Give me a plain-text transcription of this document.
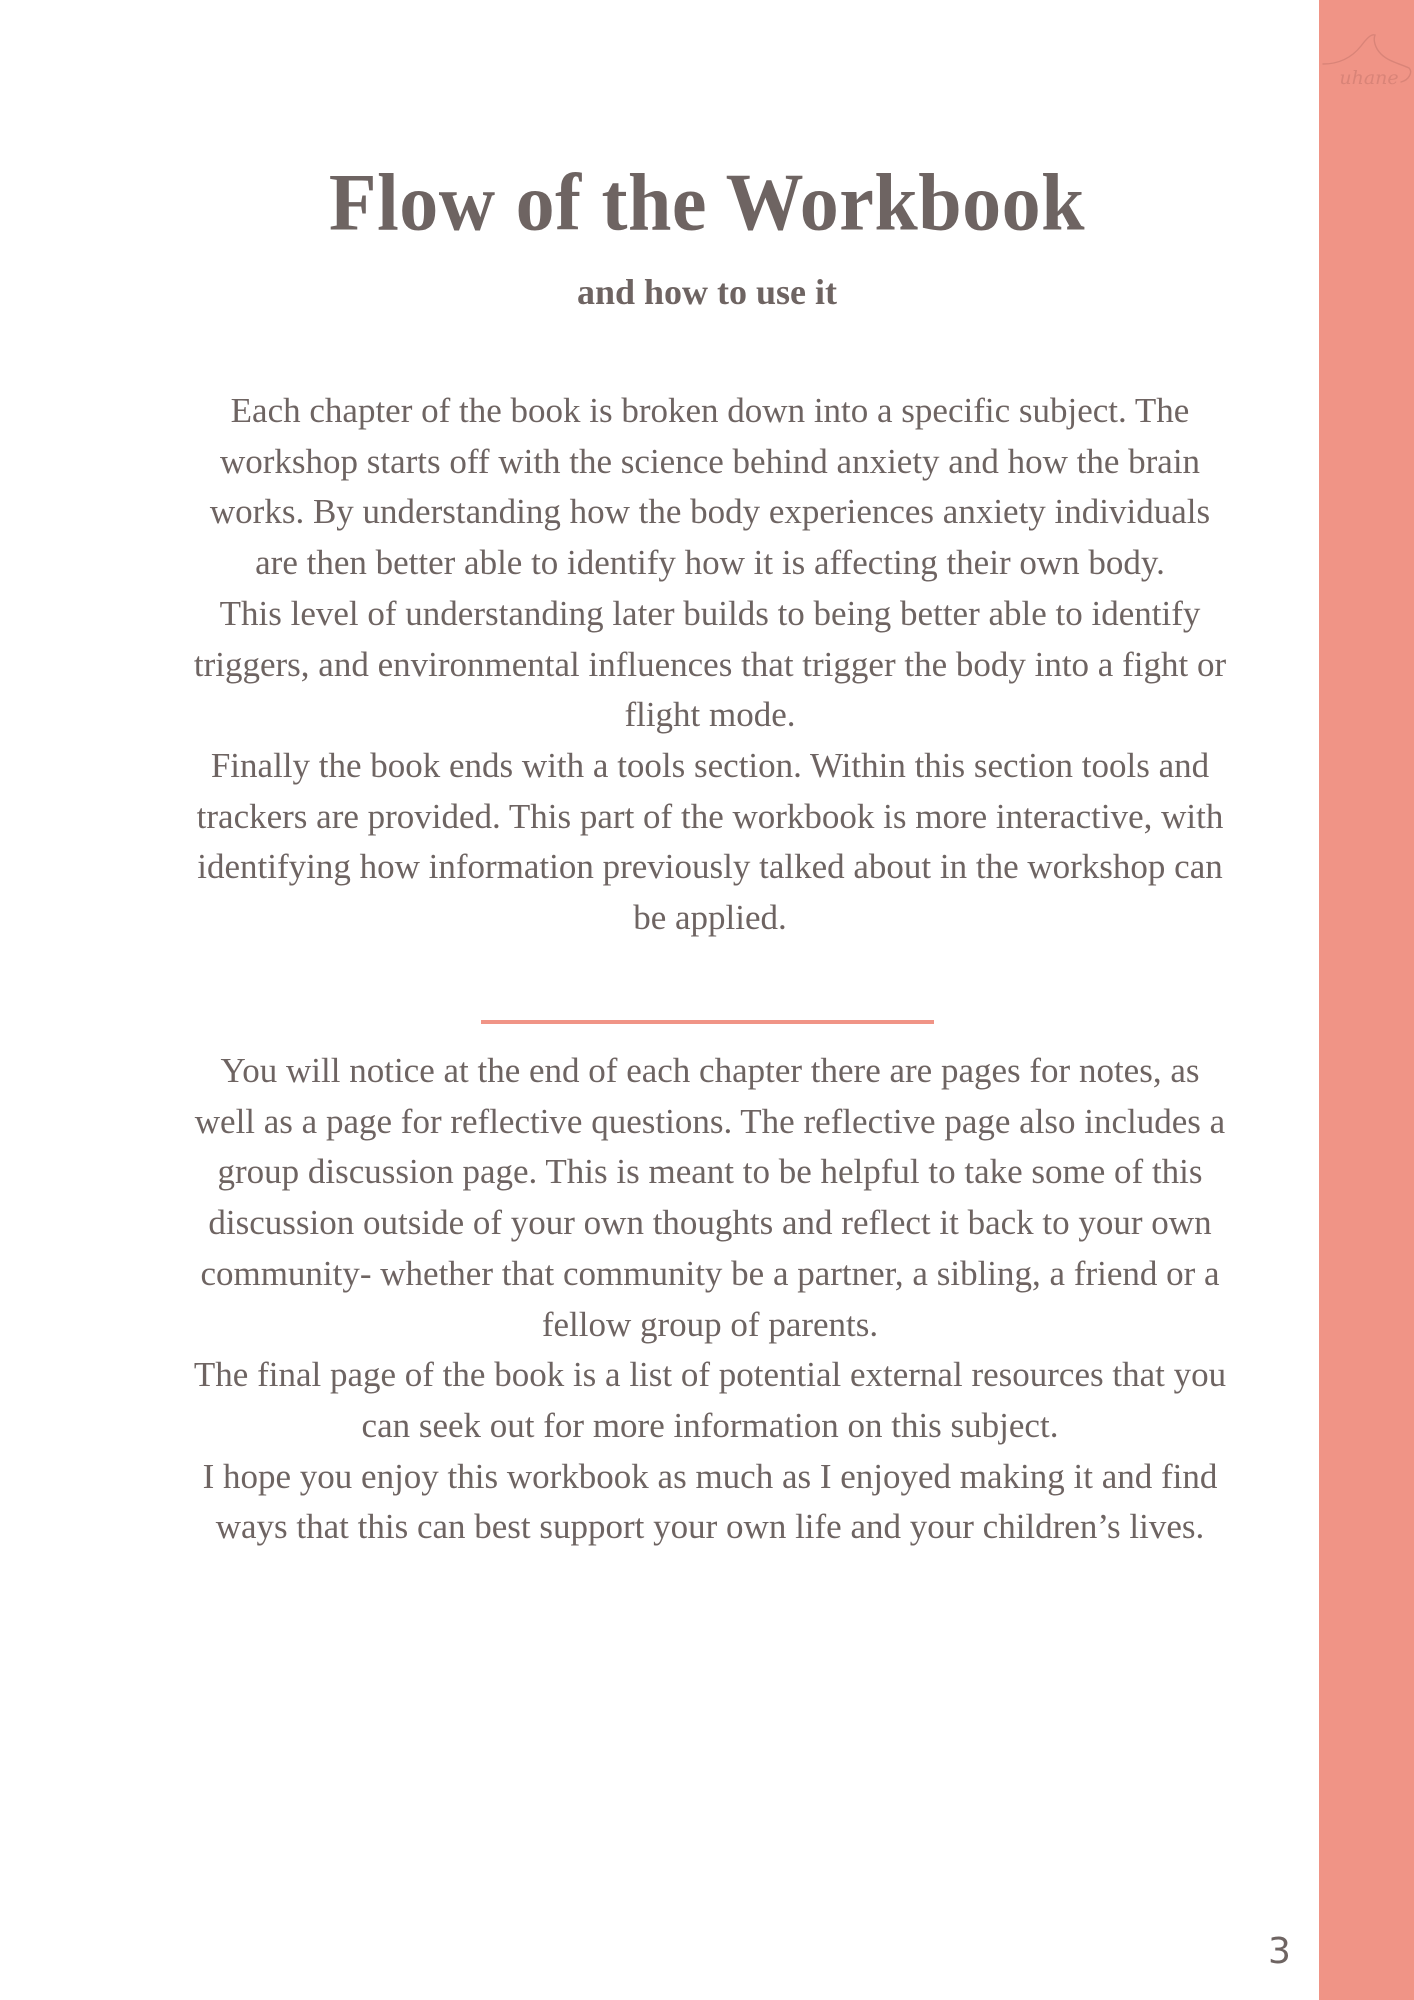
Flow of the Workbook
and how to use it

Each chapter of the book is broken down into a specific subject. The workshop starts off with the science behind anxiety and how the brain works. By understanding how the body experiences anxiety individuals are then better able to identify how it is affecting their own body.

This level of understanding later builds to being better able to identify triggers, and environmental influences that trigger the body into a fight or flight mode.

Finally the book ends with a tools section. Within this section tools and trackers are provided. This part of the workbook is more interactive, with identifying how information previously talked about in the workshop can be applied.

You will notice at the end of each chapter there are pages for notes, as well as a page for reflective questions. The reflective page also includes a group discussion page. This is meant to be helpful to take some of this discussion outside of your own thoughts and reflect it back to your own community- whether that community be a partner, a sibling, a friend or a fellow group of parents.

The final page of the book is a list of potential external resources that you can seek out for more information on this subject.

I hope you enjoy this workbook as much as I enjoyed making it and find ways that this can best support your own life and your children’s lives.

3
uhane
